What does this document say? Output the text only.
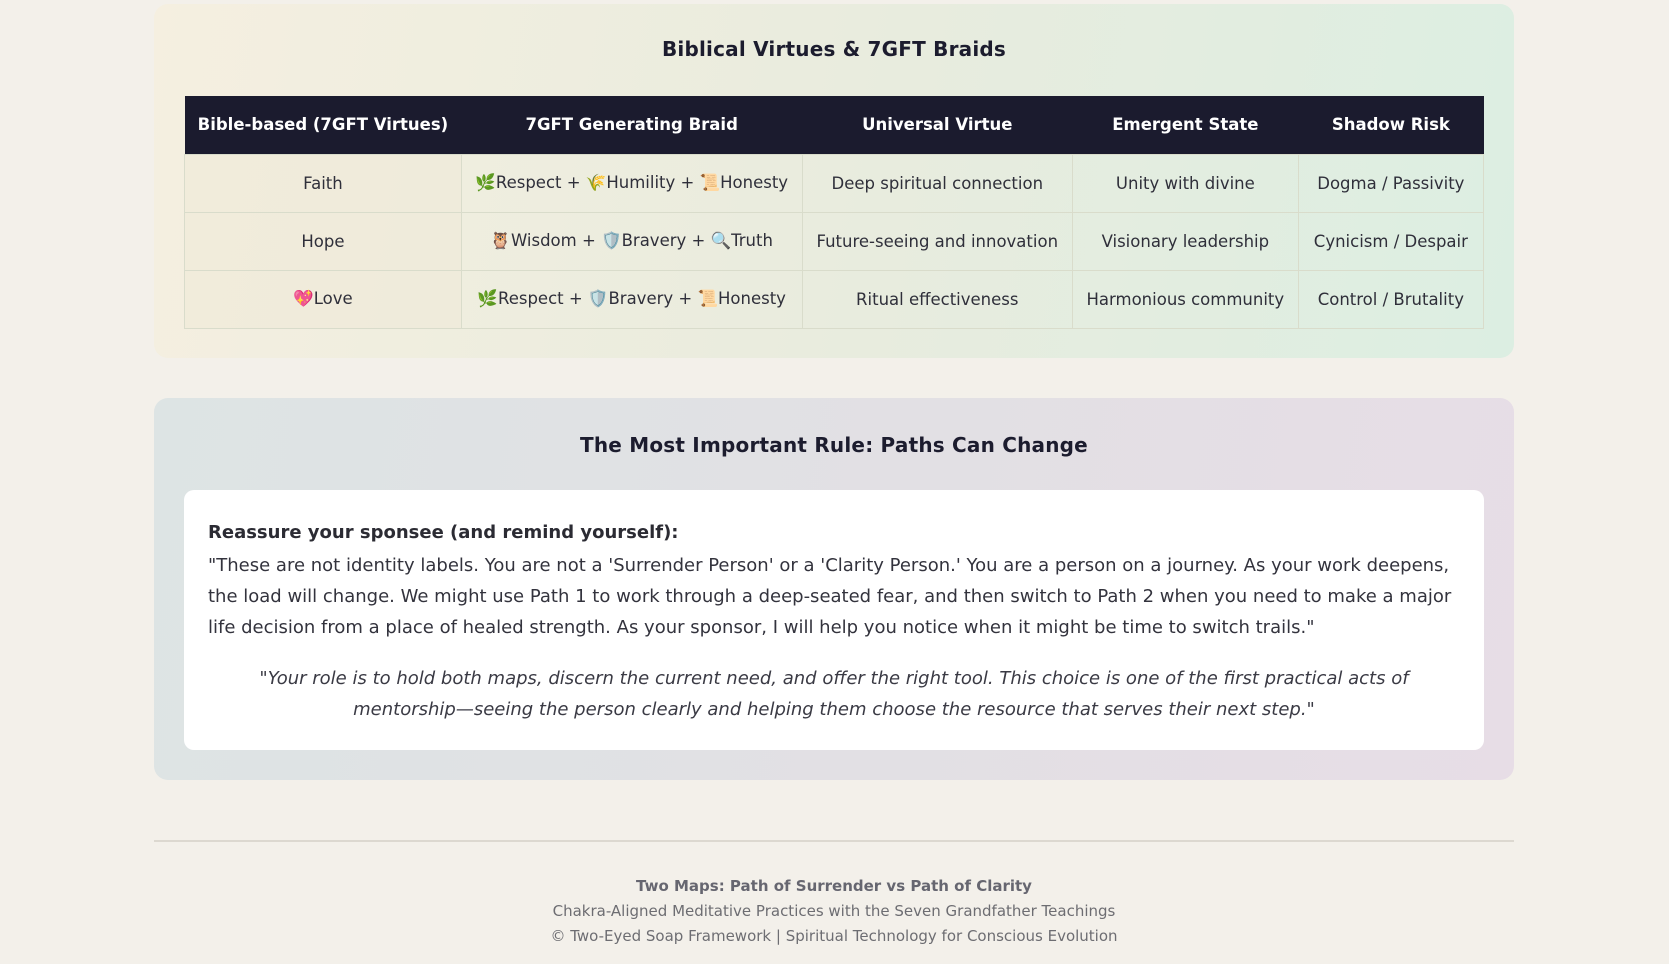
Biblical Virtues & 7GFT Braids
Bible-based (7GFT Virtues)	7GFT Generating Braid	Universal Virtue	Emergent State	Shadow Risk
Faith	🌿Respect + 🌾Humility + 📜Honesty	Deep spiritual connection	Unity with divine	Dogma / Passivity
Hope	🦉Wisdom + 🛡️Bravery + 🔍Truth	Future-seeing and innovation	Visionary leadership	Cynicism / Despair
💖Love	🌿Respect + 🛡️Bravery + 📜Honesty	Ritual effectiveness	Harmonious community	Control / Brutality
The Most Important Rule: Paths Can Change

Reassure your sponsee (and remind yourself):

"These are not identity labels. You are not a 'Surrender Person' or a 'Clarity Person.' You are a person on a journey. As your work deepens, the load will change. We might use Path 1 to work through a deep-seated fear, and then switch to Path 2 when you need to make a major life decision from a place of healed strength. As your sponsor, I will help you notice when it might be time to switch trails."

"Your role is to hold both maps, discern the current need, and offer the right tool. This choice is one of the first practical acts of mentorship—seeing the person clearly and helping them choose the resource that serves their next step."

Two Maps: Path of Surrender vs Path of Clarity
Chakra-Aligned Meditative Practices with the Seven Grandfather Teachings
© Two-Eyed Soap Framework | Spiritual Technology for Conscious Evolution
